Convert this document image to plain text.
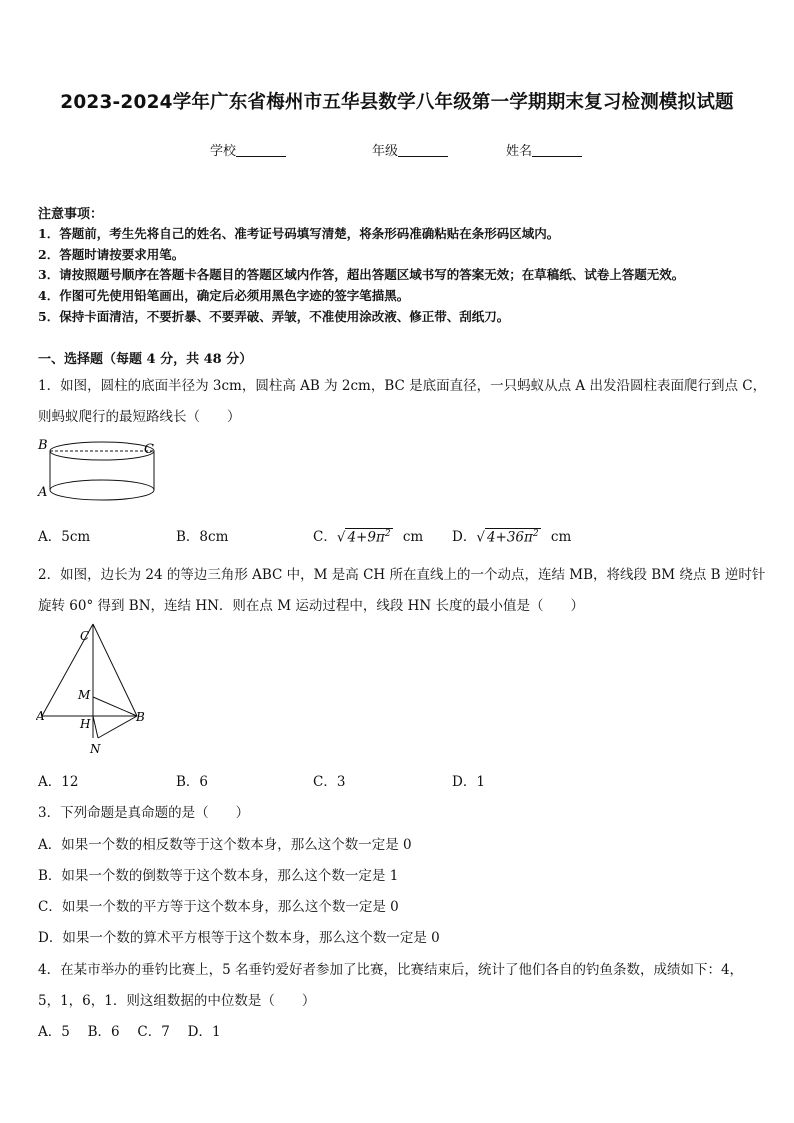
2023-2024学年广东省梅州市五华县数学八年级第一学期期末复习检测模拟试题
学校	年级	姓名
注意事项：
1．答题前，考生先将自己的姓名、准考证号码填写清楚，将条形码准确粘贴在条形码区域内。
2．答题时请按要求用笔。
3．请按照题号顺序在答题卡各题目的答题区域内作答，超出答题区域书写的答案无效；在草稿纸、试卷上答题无效。
4．作图可先使用铅笔画出，确定后必须用黑色字迹的签字笔描黑。
5．保持卡面清洁，不要折暴、不要弄破、弄皱，不准使用涂改液、修正带、刮纸刀。
一、选择题（每题 4 分，共 48 分）
1．如图，圆柱的底面半径为 3cm，圆柱高 AB 为 2cm，BC 是底面直径，一只蚂蚁从点 A 出发沿圆柱表面爬行到点 C，
则蚂蚁爬行的最短路线长（　　）
B	C
A
A．5cm	B．8cm	C．√ $4+9\pi^2$ cm D．√ $4+36\pi^2$ cm
2．如图，边长为 24 的等边三角形 ABC 中，M 是高 CH 所在直线上的一个动点，连结 MB，将线段 BM 绕点 B 逆时针
旋转 60° 得到 BN，连结 HN．则在点 M 运动过程中，线段 HN 长度的最小值是（　　）
C
M
A
H	B
N
A．12	B．6	C．3	D．1
3．下列命题是真命题的是（　　）
A．如果一个数的相反数等于这个数本身，那么这个数一定是 0
B．如果一个数的倒数等于这个数本身，那么这个数一定是 1
C．如果一个数的平方等于这个数本身，那么这个数一定是 0
D．如果一个数的算术平方根等于这个数本身，那么这个数一定是 0
4．在某市举办的垂钓比赛上，5 名垂钓爱好者参加了比赛，比赛结束后，统计了他们各自的钓鱼条数，成绩如下：4，
5，1，6，1．则这组数据的中位数是（　　）
A．5　 B．6　 C．7　 D．1
